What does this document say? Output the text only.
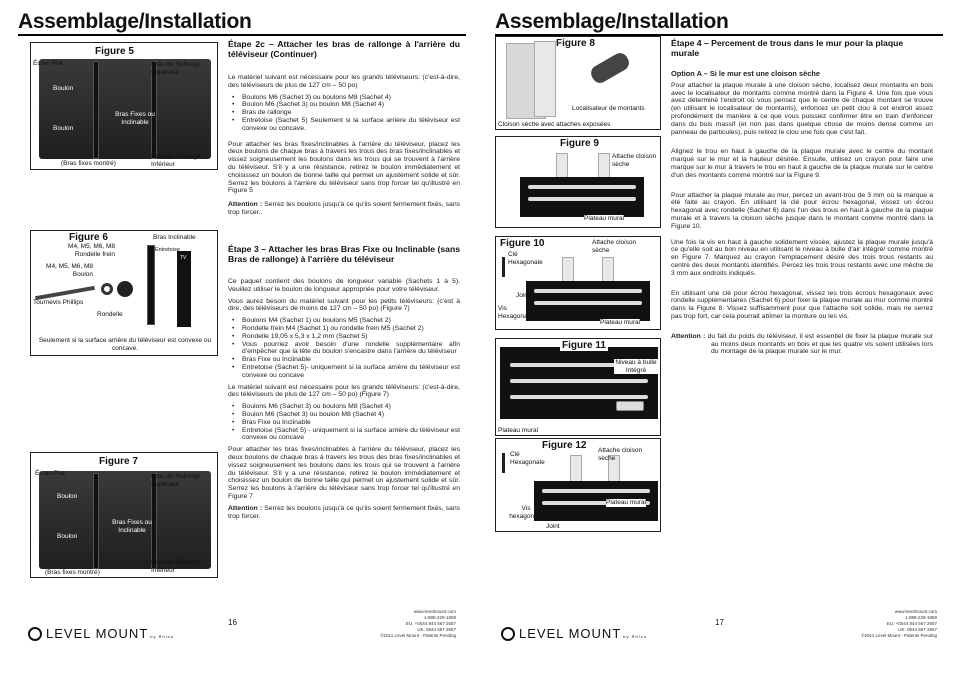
Assemblage/Installation
Figure 5
Écran Plat	Bras de Rallonge Supérieur
Boulon
Boulon
Bras Fixes ou Inclinable
Bras de Rallonge Inférieur
(Bras fixes montré)
Figure 6
M4, M5, M6, M8 Rondelle frein
M4, M5, M6, M8 Boulon
Tournevis Phillips
Rondelle
Bras Inclinable
Entretoise
TV
Seulement si la surface arrière du téléviseur est convexe ou concave.
Figure 7
Écran Plat	Bras de Rallonge Supérieur
Boulon
Boulon
Bras Fixes ou Inclinable
Bras de Rallonge Inférieur
(Bras fixes montré)
Étape 2c – Attacher les bras de rallonge à l'arrière du téléviseur (Continuer)

Le matériel suivant est nécessaire pour les grands téléviseurs: (c'est-à-dire, des téléviseurs de plus de 127 cm – 50 po)

• Boulons M6 (Sachet 3) ou boulons M8 (Sachet 4)
• Boulon M6 (Sachet 3) ou boulon M8 (Sachet 4)
• Bras de rallonge
• Entretoise (Sachet 5) Seulement si la surface arrière du téléviseur est convexe ou concave.

Pour attacher les bras fixes/inclinables à l'arrière du téléviseur, placez les deux boulons de chaque bras à travers les trous des bras fixes/inclinables et vissez soigneusement les boulons dans les trous qui se trouvent à l'arrière du téléviseur. S'il y a une résistance, retirez le boulon immédiatement et choisissez un boulon de bonne taille qui permet un ajustement solide et sûr. Serrez les boulons à l'arrière du téléviseur sans trop forcer tel qu'illustré en Figure 5

Attention : Serrez les boulons jusqu'à ce qu'ils soient fermement fixés, sans trop forcer..

Étape 3 – Attacher les bras Bras Fixe ou Inclinable (sans Bras de rallonge) à l'arrière du téléviseur

Ce paquet contient des boulons de longueur variable (Sachets 1 à 5). Veuillez utiliser le boulon de longueur appropriée pour votre téléviseur.

Vous aurez besoin du matériel suivant pour les petits téléviseurs: (c'est à dire, des téléviseurs de moins de 127 cm – 50 po) (Figure 7)

• Boulons M4 (Sachet 1) ou boulons M5 (Sachet 2)
• Rondelle frein M4 (Sachet 1) ou rondelle frein M5 (Sachet 2)
• Rondelle 19,05 x 5,3 x 1,2 mm (Sachet 5)
• Vous pourriez avoir besoin d'une rondelle supplémentaire afin d'empêcher que la tête du boulon s'encastre dans l'arrière du téléviseur
• Bras Fixe ou Inclinable
• Entretoise (Sachet 5)- uniquement si la surface arrière du téléviseur est convexe ou concave

Le matériel suivant est nécessaire pour les grands téléviseurs: (c'est-à-dire, des téléviseurs de plus de 127 cm – 50 po) (Figure 7)

• Boulons M6 (Sachet 3) ou boulons M8 (Sachet 4)
• Boulon M6 (Sachet 3) ou boulon M8 (Sachet 4)
• Bras Fixe ou Inclinable
• Entretoise (Sachet 5) - uniquement si la surface arrière du téléviseur est convexe ou concave

Pour attacher les bras fixes/inclinables à l'arrière du téléviseur, placez les deux boulons de chaque bras à travers les trous des bras fixes/inclinables et vissez soigneusement les boulons dans les trous qui se trouvent à l'arrière du téléviseur. S'il y a une résistance, retirez le boulon immédiatement et choisissez un boulon de bonne taille qui permet un ajustement solide et sûr. Serrez les boulons à l'arrière du téléviseur sans trop forcer tel qu'illustré en Figure 7

Attention : Serrez les boulons jusqu'à ce qu'ils soient fermement fixés, sans trop forcer.

16
LEVEL MOUNT by Rhino
www.levelmount.com
1-888-229-1859
EU: +0044 844 567 2657
UK: 0844 567 2657
©2011 Level Mount - Patents Pending
Assemblage/Installation
Figure 8
Localisateur de montants
Cloison sèche avec attaches exposées
Figure 9
Attache cloison sèche
Plateau mural
Figure 10
Clé Hexagonale
Attache cloison sèche
Joint
Vis Hexagonale
Plateau mural
Figure 11
Niveau à bulle Intégré
Plateau mural
Figure 12
Clé Hexagonale
Attache cloison sèche
Vis hexagonale
Joint
Plateau mural
Étape 4 – Percement de trous dans le mur pour la plaque murale

Option A – Si le mur est une cloison sèche

Pour attacher la plaque murale à une cloison sèche, localisez deux montants en bois avec le localisateur de montants comme montré dans la Figure 4. Une fois que vous avez déterminé l'endroit où vous pensez que le centre de chaque montant se trouve (en utilisant le localisateur de montants), enfoncez un petit clou à cet endroit assez profondément de manière à ce que vous puissiez confirmer être en train d'enfoncer dans du bois massif (et non pas dans quelque chose de moins dense comme un panneau de particules), puis retirez le clou une fois que c'est fait.

Alignez le trou en haut à gauche de la plaque murale avec le centre du montant marqué sur le mur et la hauteur désirée. Ensuite, utilisez un crayon pour faire une marque sur le mur à travers le trou en haut à gauche de la plaque murale sur le centre d'un des montants comme montré sur la Figure 9.

Pour attacher la plaque murale au mur, percez un avant-trou de 3 mm où la marque a été faite au crayon. En utilisant la clé pour écrou hexagonal, vissez un écrou hexagonal avec rondelle (Sachet 6) dans l'un des trous en haut à gauche de la plaque murale et à travers la cloison sèche jusque dans le montant comme montré dans la Figure 10.

Une fois la vis en haut à gauche solidement vissée, ajustez la plaque murale jusqu'à ce qu'elle soit au bon niveau en utilisant le niveau à bulle d'air intégré/ comme montré en Figure 7. Marquez au crayon l'emplacement désiré des trois trous restants au centre des deux montants identifiés. Percez les trois trous restants avec une mèche de 3 mm aux endroits indiqués.

En utilisant une clé pour écrou hexagonal, vissez les trois écrous hexagonaux avec rondelle supplémentaires (Sachet 6) pour fixer la plaque murale au mur comme montré dans la Figure 8. Vissez suffisamment pour que l'attache soit solide, mais ne serrez pas trop fort, car cela pourrait abîmer la monture ou les vis.

Attention : du fait du poids du téléviseur, il est essentiel de fixer la plaque murale sur au moins deux montants en bois et que les quatre vis soient utilisées lors du montage de la plaque murale sur le mur.

17
LEVEL MOUNT by Rhino
www.levelmount.com
1-888-229-1859
EU: +0044 844 567 2657
UK: 0844 567 2657
©2011 Level Mount - Patents Pending
